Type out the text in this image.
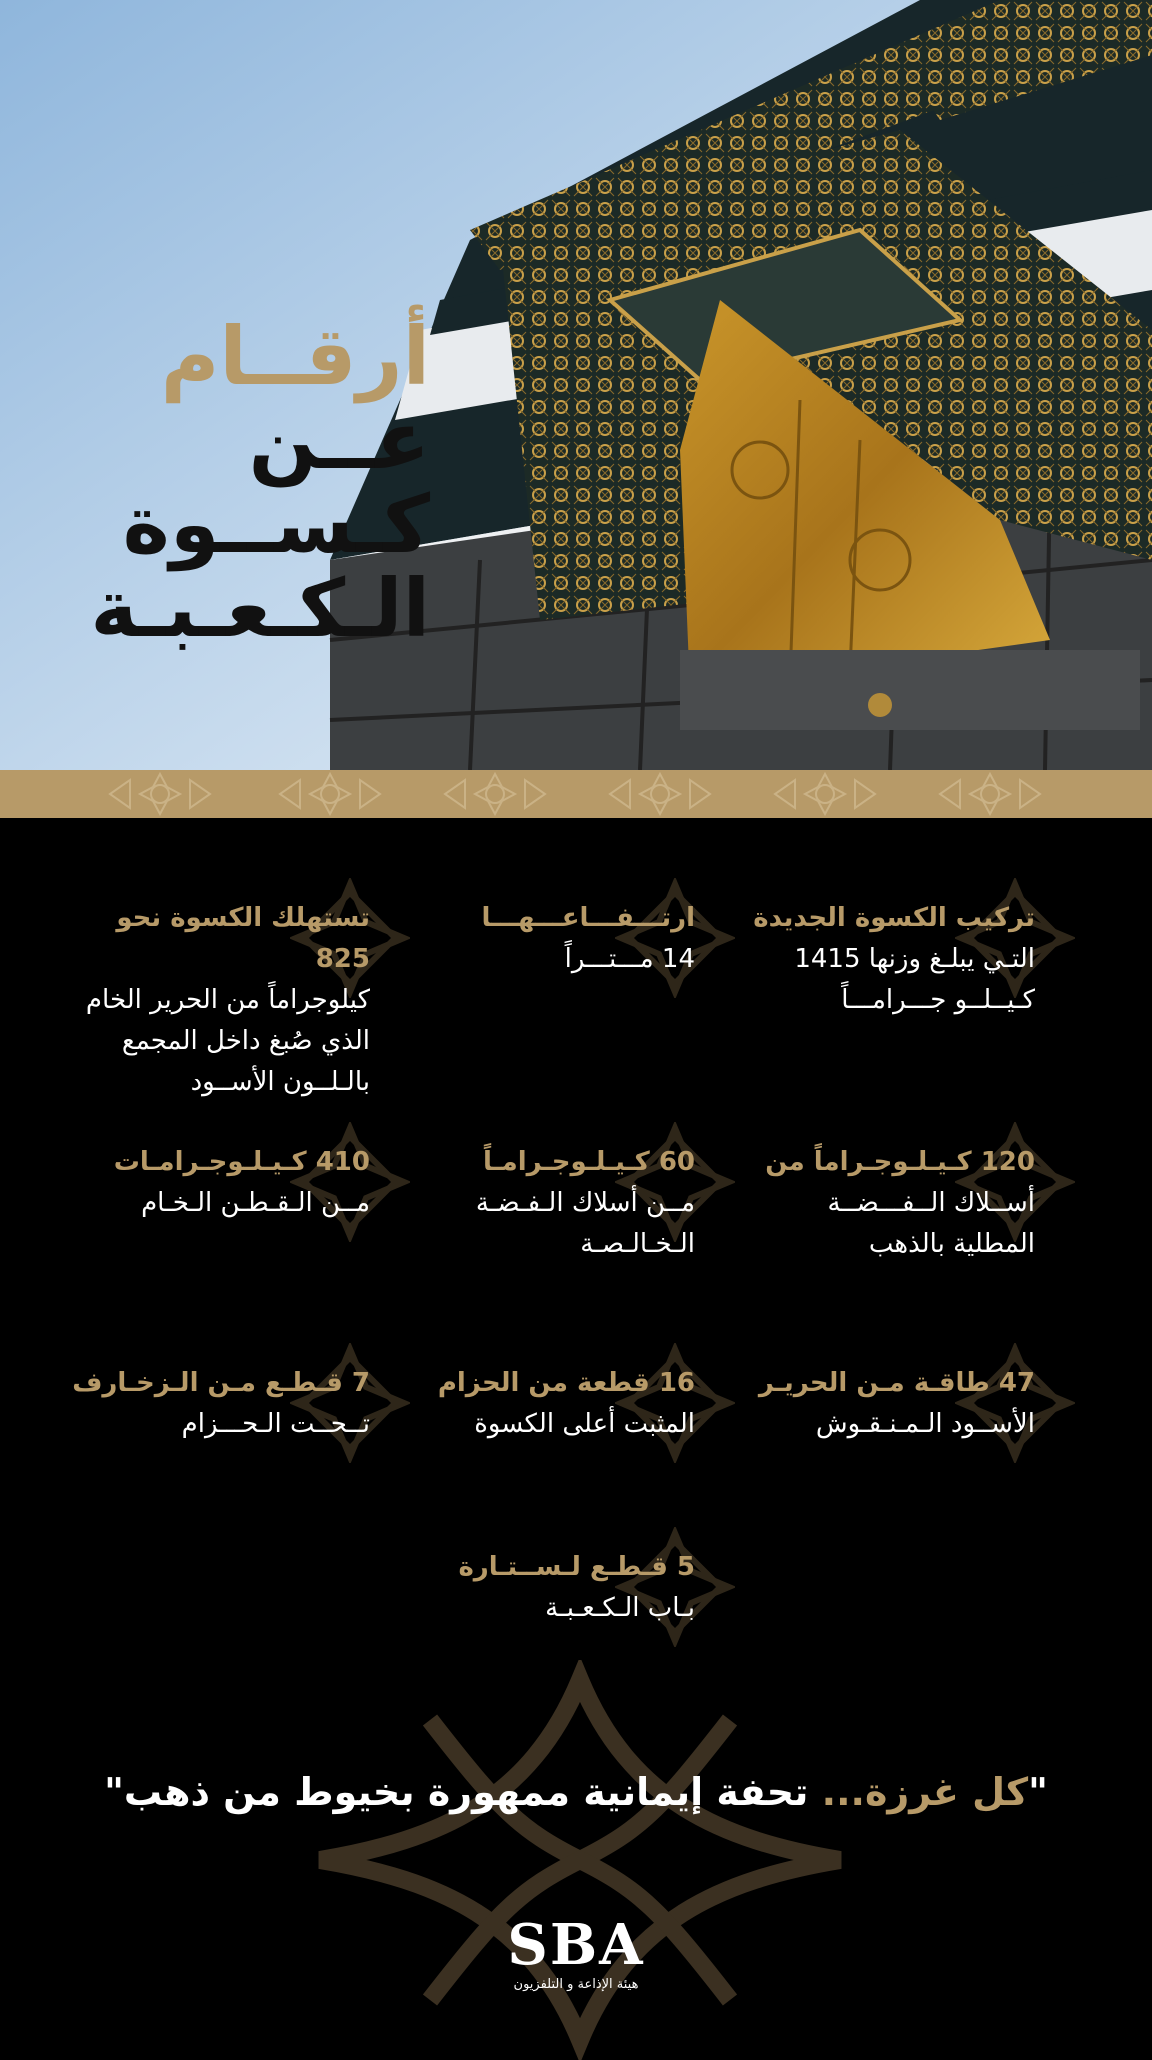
أرقــام عــن
كـســوة
الـكـعـبـة
تركيب الكسوة الجديدة
التـي يبلـغ وزنها 1415
كـيــلــو جـــرامـــاً
ارتـــفـــاعـــهـــا
14 مـــتـــراً
تستهلك الكسوة نحو 825
كيلوجراماً من الحرير الخام
الذي صُبغ داخل المجمع
بالـلــون الأســود
120 كـيـلـوجـراماً من
أســلاك الــفـــضــة
المطلية بالذهب
60 كـيـلـوجـرامـاً
مــن أسلاك الـفـضـة
الـخـالـصـة
410 كـيـلـوجـرامـات
مــن الـقـطـن الـخـام
47 طاقـة مـن الحريـر
الأســود الـمـنـقـوش
16 قطعة من الحزام
المثبت أعلى الكسوة
7 قـطـع مـن الـزخـارف
تــحــت الـحـــزام
5 قـطـع لـســتـارة
بـاب الـكـعـبـة
"كل غرزة... تحفة إيمانية ممهورة بخيوط من ذهب"
SBA
هيئة الإذاعة و التلفزيون
